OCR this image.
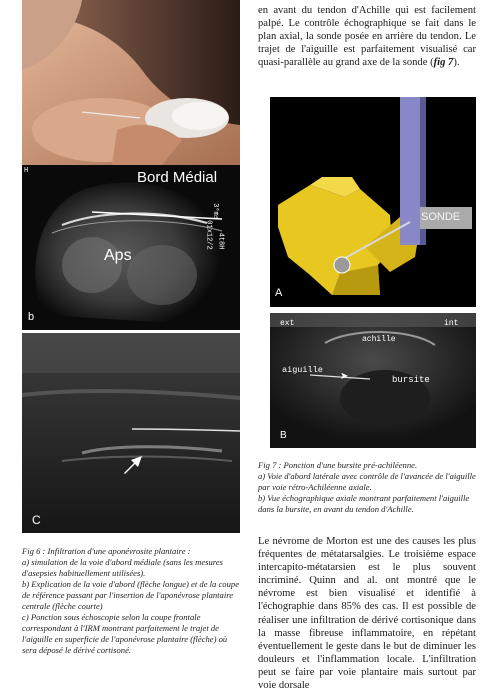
Bord Médial
Aps
b
H
3⁰ms
01x12/2 4t8H
C
Fig 6 : Infiltration d'une aponévrosite plantaire :
a) simulation de la voie d'abord médiale (sans les mesures d'asepsies habituellement utilisées).
b) Explication de la voie d'abord (flèche longue) et de la coupe de référence passant par l'insertion de l'aponévrose plantaire centrale (flèche courte)
c) Ponction sous échoscopie selon la coupe frontale correspondant à l'IRM montrant parfaitement le trajet de l'aiguille en superficie de l'aponévrose plantaire (flèche) où sera déposé le dérivé cortisoné.

en avant du tendon d'Achille qui est facilement palpé. Le contrôle échographique se fait dans le plan axial, la sonde posée en arrière du tendon. Le trajet de l'aiguille est parfaitement visualisé car quasi-parallèle au grand axe de la sonde (fig 7).

SONDE
A
ext	int
achille
aiguille
➤	bursite
B
Fig 7 : Ponction d'une bursite pré-achiléenne.
a) Voie d'abord latérale avec contrôle de l'avancée de l'aiguille par voie rétro-Achiléenne axiale.
b) Vue échographique axiale montrant parfaitement l'aiguille dans la bursite, en avant du tendon d'Achille.

Le névrome de Morton est une des causes les plus fréquentes de métatarsalgies. Le troisième espace intercapito-métatarsien est le plus souvent incriminé. Quinn and al. ont montré que le névrome est bien visualisé et identifié à l'échographie dans 85% des cas. Il est possible de réaliser une infiltration de dérivé cortisonique dans la masse fibreuse inflammatoire, en répétant éventuellement le geste dans le but de diminuer les douleurs et l'inflammation locale. L'infiltration peut se faire par voie plantaire mais surtout par voie dorsale
